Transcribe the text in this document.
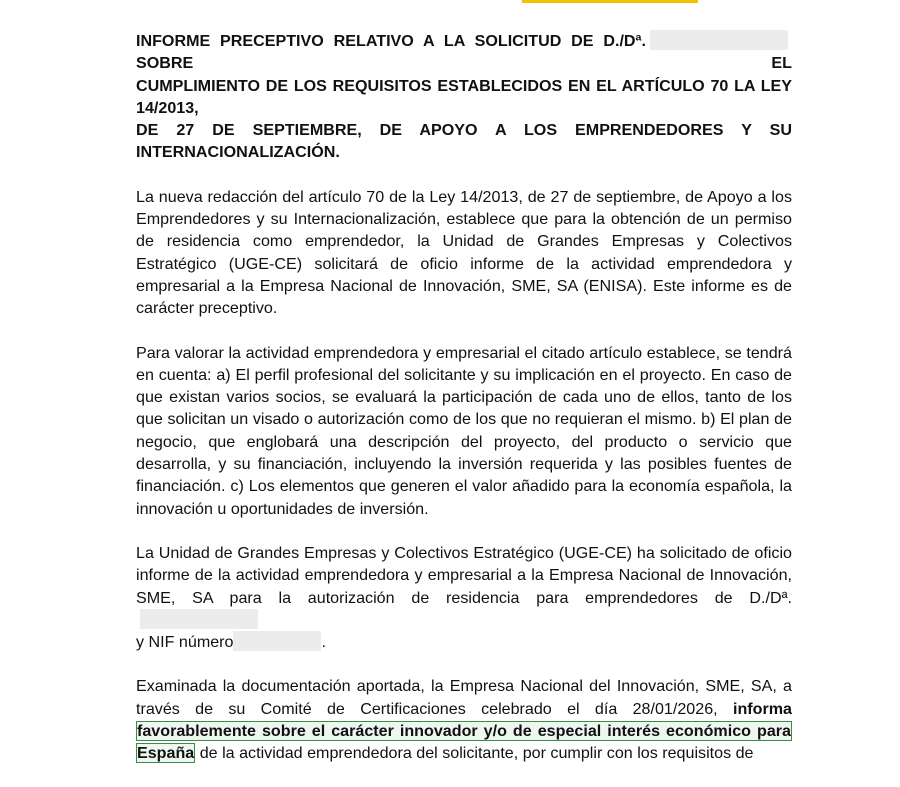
INFORME PRECEPTIVO RELATIVO A LA SOLICITUD DE D./Dª.SOBRE EL
CUMPLIMIENTO DE LOS REQUISITOS ESTABLECIDOS EN EL ARTÍCULO 70 LA LEY 14/2013,
DE 27 DE SEPTIEMBRE, DE APOYO A LOS EMPRENDEDORES Y SU
INTERNACIONALIZACIÓN.

La nueva redacción del artículo 70 de la Ley 14/2013, de 27 de septiembre, de Apoyo a los Emprendedores y su Internacionalización, establece que para la obtención de un permiso de residencia como emprendedor, la Unidad de Grandes Empresas y Colectivos Estratégico (UGE-CE) solicitará de oficio informe de la actividad emprendedora y empresarial a la Empresa Nacional de Innovación, SME, SA (ENISA). Este informe es de carácter preceptivo.

Para valorar la actividad emprendedora y empresarial el citado artículo establece, se tendrá en cuenta: a) El perfil profesional del solicitante y su implicación en el proyecto. En caso de que existan varios socios, se evaluará la participación de cada uno de ellos, tanto de los que solicitan un visado o autorización como de los que no requieran el mismo. b) El plan de negocio, que englobará una descripción del proyecto, del producto o servicio que desarrolla, y su financiación, incluyendo la inversión requerida y las posibles fuentes de financiación. c) Los elementos que generen el valor añadido para la economía española, la innovación u oportunidades de inversión.

La Unidad de Grandes Empresas y Colectivos Estratégico (UGE-CE) ha solicitado de oficio informe de la actividad emprendedora y empresarial a la Empresa Nacional de Innovación, SME, SA para la autorización de residencia para emprendedores de D./Dª.
y NIF número	.

Examinada la documentación aportada, la Empresa Nacional del Innovación, SME, SA, a través de su Comité de Certificaciones celebrado el día 28/01/2026, informa favorablemente sobre el carácter innovador y/o de especial interés económico para España de la actividad emprendedora del solicitante, por cumplir con los requisitos de
